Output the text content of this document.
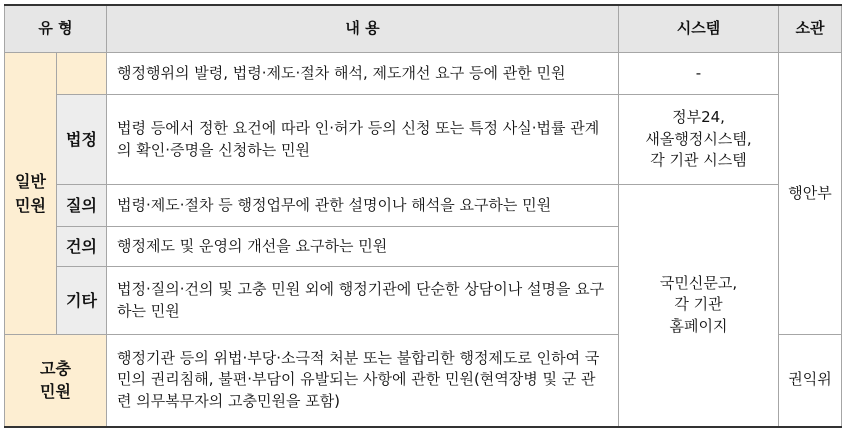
유 형		내 용	시스템	소관

일반
민원		행정행위의 발령, 법령·제도·절차 해석, 제도개선 요구 등에 관한 민원	-	행안부
	법정	법령 등에서 정한 요건에 따라 인·허가 등의 신청 또는 특정 사실·법률 관계의 확인·증명을 신청하는 민원	정부24,
새올행정시스템,
각 기관 시스템	

	질의	법령·제도·절차 등 행정업무에 관한 설명이나 해석을 요구하는 민원	국민신문고,
각 기관
홈페이지	

	건의	행정제도 및 운영의 개선을 요구하는 민원		
	기타	법정·질의·건의 및 고충 민원 외에 행정기관에 단순한 상담이나 설명을 요구하는 민원		

고충
민원		행정기관 등의 위법·부당·소극적 처분 또는 불합리한 행정제도로 인하여 국민의 권리침해, 불편·부담이 유발되는 사항에 관한 민원(현역장병 및 군 관련 의무복무자의 고충민원을 포함)		권익위
